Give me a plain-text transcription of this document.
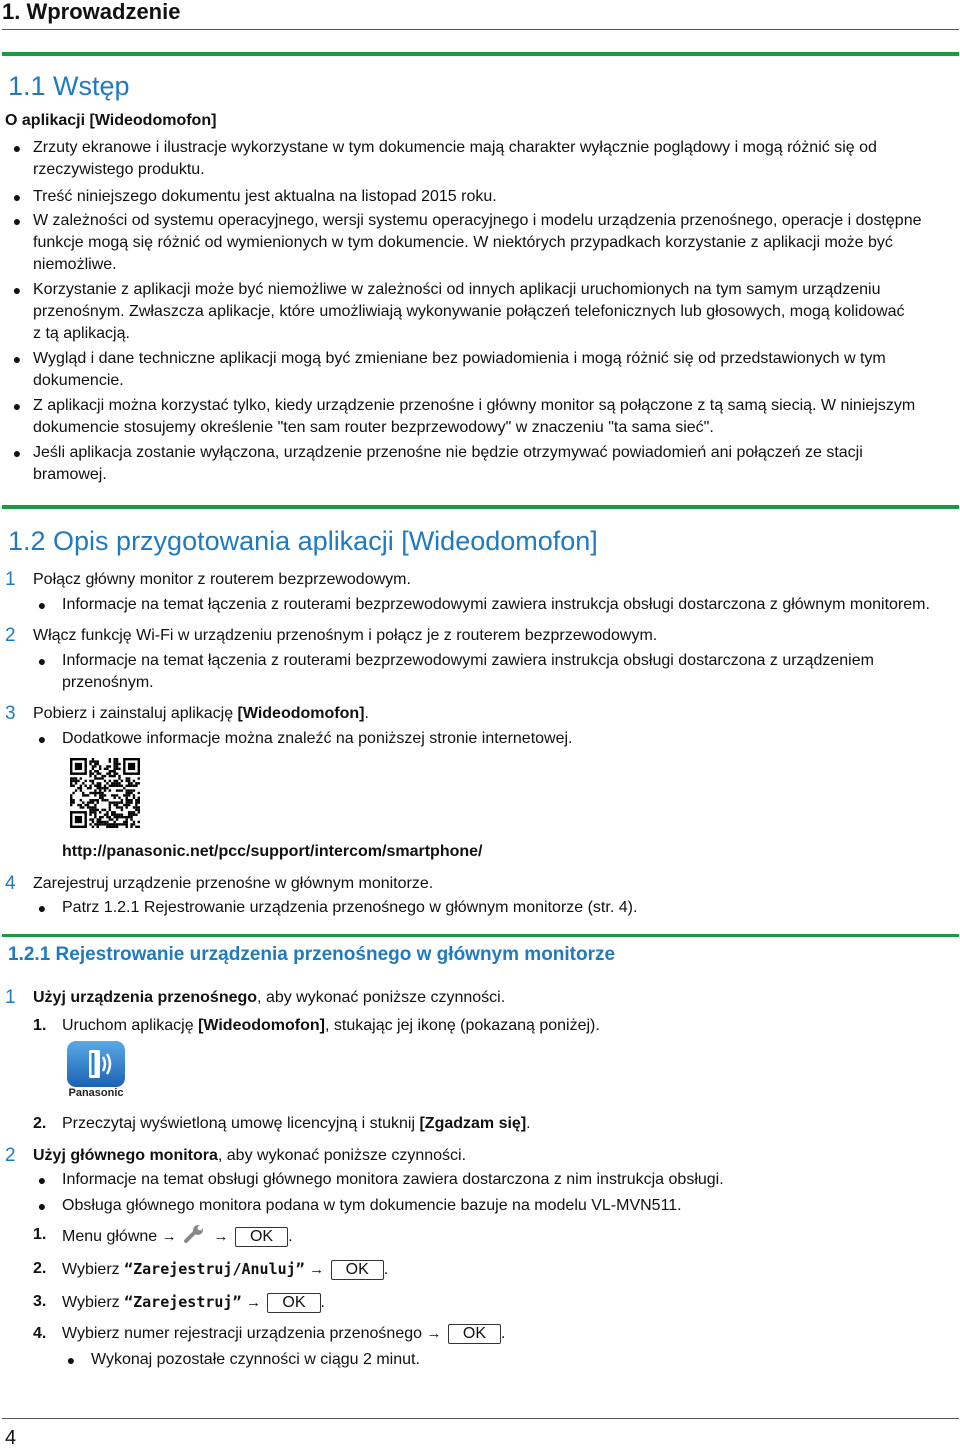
1. Wprowadzenie
1.1 Wstęp
O aplikacji [Wideodomofon]
● Zrzuty ekranowe i ilustracje wykorzystane w tym dokumencie mają charakter wyłącznie poglądowy i mogą różnić się od
rzeczywistego produktu.
● Treść niniejszego dokumentu jest aktualna na listopad 2015 roku.
● W zależności od systemu operacyjnego, wersji systemu operacyjnego i modelu urządzenia przenośnego, operacje i dostępne
funkcje mogą się różnić od wymienionych w tym dokumencie. W niektórych przypadkach korzystanie z aplikacji może być
niemożliwe.
● Korzystanie z aplikacji może być niemożliwe w zależności od innych aplikacji uruchomionych na tym samym urządzeniu
przenośnym. Zwłaszcza aplikacje, które umożliwiają wykonywanie połączeń telefonicznych lub głosowych, mogą kolidować
z tą aplikacją.
● Wygląd i dane techniczne aplikacji mogą być zmieniane bez powiadomienia i mogą różnić się od przedstawionych w tym
dokumencie.
● Z aplikacji można korzystać tylko, kiedy urządzenie przenośne i główny monitor są połączone z tą samą siecią. W niniejszym
dokumencie stosujemy określenie "ten sam router bezprzewodowy" w znaczeniu "ta sama sieć".
● Jeśli aplikacja zostanie wyłączona, urządzenie przenośne nie będzie otrzymywać powiadomień ani połączeń ze stacji
bramowej.
1.2 Opis przygotowania aplikacji [Wideodomofon]
1 Połącz główny monitor z routerem bezprzewodowym.
● Informacje na temat łączenia z routerami bezprzewodowymi zawiera instrukcja obsługi dostarczona z głównym monitorem.
2 Włącz funkcję Wi-Fi w urządzeniu przenośnym i połącz je z routerem bezprzewodowym.
● Informacje na temat łączenia z routerami bezprzewodowymi zawiera instrukcja obsługi dostarczona z urządzeniem
przenośnym.
3 Pobierz i zainstaluj aplikację [Wideodomofon].
● Dodatkowe informacje można znaleźć na poniższej stronie internetowej.
http://panasonic.net/pcc/support/intercom/smartphone/
4 Zarejestruj urządzenie przenośne w głównym monitorze.
● Patrz 1.2.1 Rejestrowanie urządzenia przenośnego w głównym monitorze (str. 4).
1.2.1 Rejestrowanie urządzenia przenośnego w głównym monitorze
1 Użyj urządzenia przenośnego, aby wykonać poniższe czynności.
1. Uruchom aplikację [Wideodomofon], stukając jej ikonę (pokazaną poniżej).
Panasonic
2. Przeczytaj wyświetloną umowę licencyjną i stuknij [Zgadzam się].
2 Użyj głównego monitora, aby wykonać poniższe czynności.
● Informacje na temat obsługi głównego monitora zawiera dostarczona z nim instrukcja obsługi.
● Obsługa głównego monitora podana w tym dokumencie bazuje na modelu VL-MVN511.
1. Menu główne → → OK .
2. Wybierz “Zarejestruj/Anuluj” → OK .
3. Wybierz “Zarejestruj” → OK .
4. Wybierz numer rejestracji urządzenia przenośnego → OK .
● Wykonaj pozostałe czynności w ciągu 2 minut.
4
